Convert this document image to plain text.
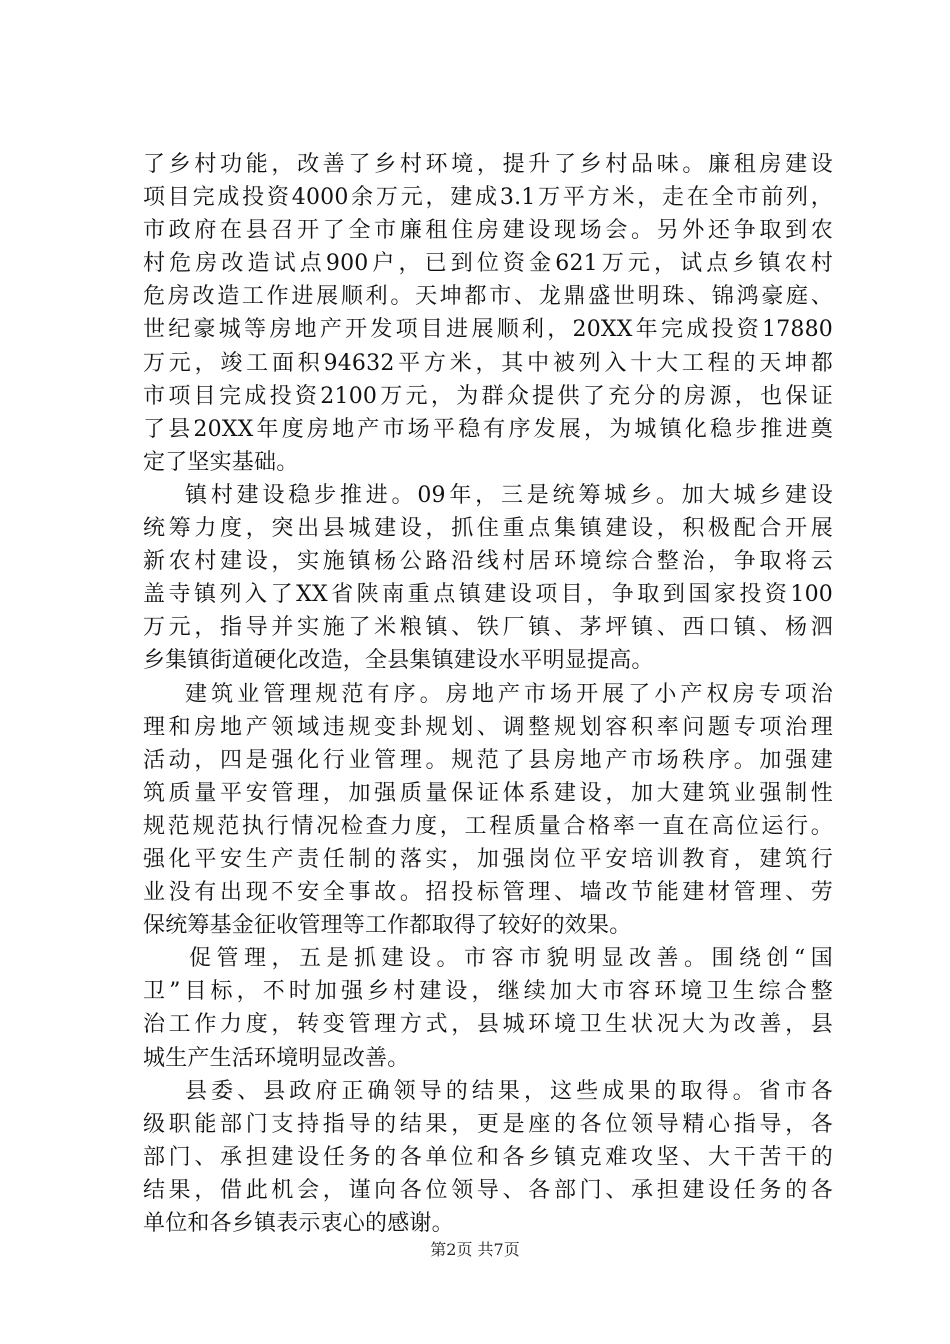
了乡村功能，改善了乡村环境，提升了乡村品味。廉租房建设
项目完成投资4000余万元，建成3.1万平方米，走在全市前列，
市政府在县召开了全市廉租住房建设现场会。另外还争取到农
村危房改造试点900户，已到位资金621万元，试点乡镇农村
危房改造工作进展顺利。天坤都市、龙鼎盛世明珠、锦鸿豪庭、
世纪豪城等房地产开发项目进展顺利，20XX年完成投资17880
万元，竣工面积94632平方米，其中被列入十大工程的天坤都
市项目完成投资2100万元，为群众提供了充分的房源，也保证
了县20XX年度房地产市场平稳有序发展，为城镇化稳步推进奠
定了坚实基础。
镇村建设稳步推进。09年，三是统筹城乡。加大城乡建设
统筹力度，突出县城建设，抓住重点集镇建设，积极配合开展
新农村建设，实施镇杨公路沿线村居环境综合整治，争取将云
盖寺镇列入了XX省陕南重点镇建设项目，争取到国家投资100
万元，指导并实施了米粮镇、铁厂镇、茅坪镇、西口镇、杨泗
乡集镇街道硬化改造，全县集镇建设水平明显提高。
建筑业管理规范有序。房地产市场开展了小产权房专项治
理和房地产领域违规变卦规划、调整规划容积率问题专项治理
活动，四是强化行业管理。规范了县房地产市场秩序。加强建
筑质量平安管理，加强质量保证体系建设，加大建筑业强制性
规范规范执行情况检查力度，工程质量合格率一直在高位运行。
强化平安生产责任制的落实，加强岗位平安培训教育，建筑行
业没有出现不安全事故。招投标管理、墙改节能建材管理、劳
保统筹基金征收管理等工作都取得了较好的效果。
促管理，五是抓建设。市容市貌明显改善。围绕创“国
卫”目标，不时加强乡村建设，继续加大市容环境卫生综合整
治工作力度，转变管理方式，县城环境卫生状况大为改善，县
城生产生活环境明显改善。
县委、县政府正确领导的结果，这些成果的取得。省市各
级职能部门支持指导的结果，更是座的各位领导精心指导，各
部门、承担建设任务的各单位和各乡镇克难攻坚、大干苦干的
结果，借此机会，谨向各位领导、各部门、承担建设任务的各
单位和各乡镇表示衷心的感谢。
第2页 共7页
